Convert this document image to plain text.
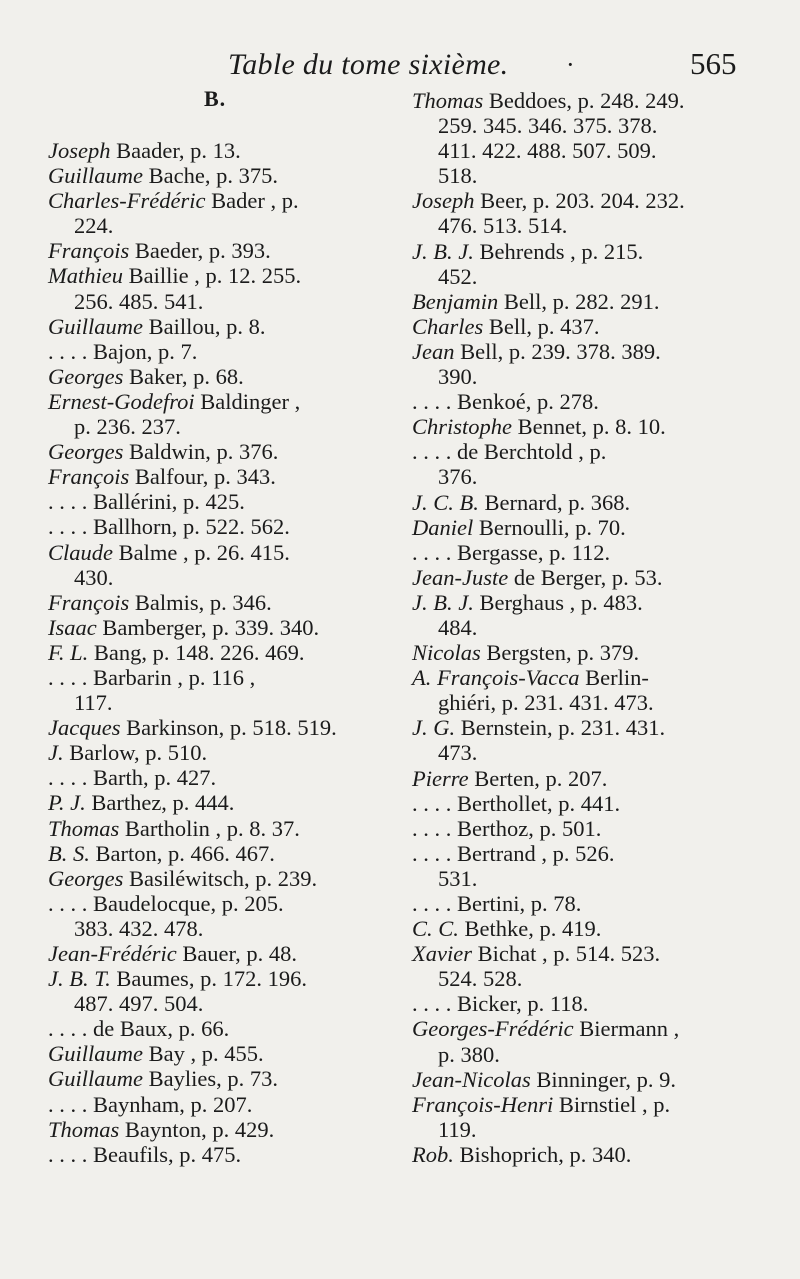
Table du tome sixième. ·	565
B.
Joseph Baader, p. 13.
Guillaume Bache, p. 375.
Charles-Frédéric Bader , p.
224.
François Baeder, p. 393.
Mathieu Baillie , p. 12. 255.
256. 485. 541.
Guillaume Baillou, p. 8.
. . . . Bajon, p. 7.
Georges Baker, p. 68.
Ernest-Godefroi Baldinger ,
p. 236. 237.
Georges Baldwin, p. 376.
François Balfour, p. 343.
. . . . Ballérini, p. 425.
. . . . Ballhorn, p. 522. 562.
Claude Balme , p. 26. 415.
430.
François Balmis, p. 346.
Isaac Bamberger, p. 339. 340.
F. L. Bang, p. 148. 226. 469.
. . . . Barbarin , p. 116 ,
117.
Jacques Barkinson, p. 518. 519.
J. Barlow, p. 510.
. . . . Barth, p. 427.
P. J. Barthez, p. 444.
Thomas Bartholin , p. 8. 37.
B. S. Barton, p. 466. 467.
Georges Basiléwitsch, p. 239.
. . . . Baudelocque, p. 205.
383. 432. 478.
Jean-Frédéric Bauer, p. 48.
J. B. T. Baumes, p. 172. 196.
487. 497. 504.
. . . . de Baux, p. 66.
Guillaume Bay , p. 455.
Guillaume Baylies, p. 73.
. . . . Baynham, p. 207.
Thomas Baynton, p. 429.
. . . . Beaufils, p. 475.
Thomas Beddoes, p. 248. 249.
259. 345. 346. 375. 378.
411. 422. 488. 507. 509.
518.
Joseph Beer, p. 203. 204. 232.
476. 513. 514.
J. B. J. Behrends , p. 215.
452.
Benjamin Bell, p. 282. 291.
Charles Bell, p. 437.
Jean Bell, p. 239. 378. 389.
390.
. . . . Benkoé, p. 278.
Christophe Bennet, p. 8. 10.
. . . . de Berchtold , p.
376.
J. C. B. Bernard, p. 368.
Daniel Bernoulli, p. 70.
. . . . Bergasse, p. 112.
Jean-Juste de Berger, p. 53.
J. B. J. Berghaus , p. 483.
484.
Nicolas Bergsten, p. 379.
A. François-Vacca Berlin-
ghiéri, p. 231. 431. 473.
J. G. Bernstein, p. 231. 431.
473.
Pierre Berten, p. 207.
. . . . Berthollet, p. 441.
. . . . Berthoz, p. 501.
. . . . Bertrand , p. 526.
531.
. . . . Bertini, p. 78.
C. C. Bethke, p. 419.
Xavier Bichat , p. 514. 523.
524. 528.
. . . . Bicker, p. 118.
Georges-Frédéric Biermann ,
p. 380.
Jean-Nicolas Binninger, p. 9.
François-Henri Birnstiel , p.
119.
Rob. Bishoprich, p. 340.
